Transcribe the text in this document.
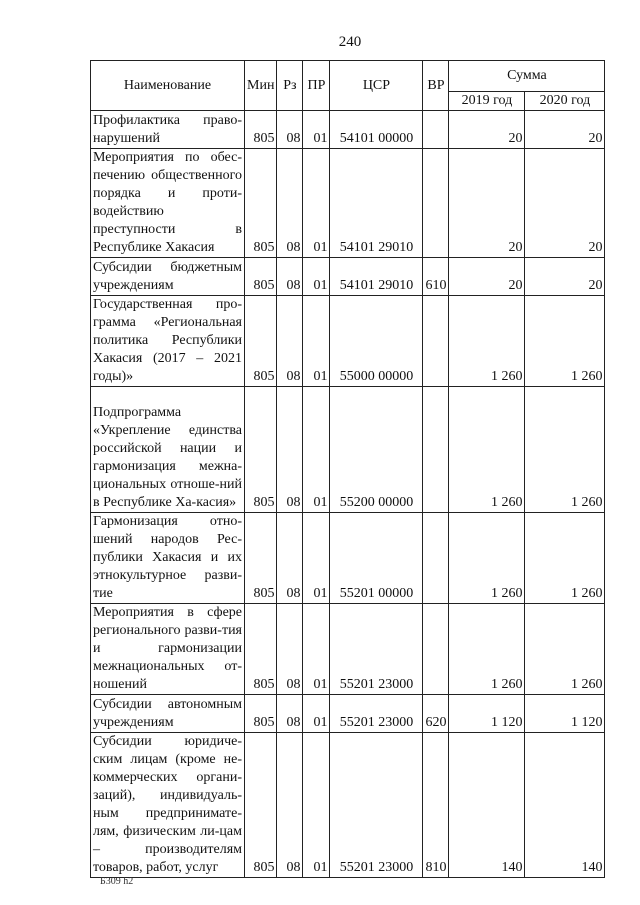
240
Наименование	Мин	Рз	ПР	ЦСР	ВР	Сумма	
						2019 год	2020 год
Профилактика право-нарушений	805	08	01	54101 00000		20	20
Мероприятия по обес-печению общественного порядка и проти-водействию преступности в Республике Хакасия	805	08	01	54101 29010		20	20
Субсидии бюджетным учреждениям	805	08	01	54101 29010	610	20	20
Государственная про-грамма «Региональная политика Республики Хакасия (2017 – 2021 годы)»	805	08	01	55000 00000		1 260	1 260
Подпрограмма «Укрепление единства российской нации и гармонизация межна-циональных отноше-ний в Республике Ха-касия»	805	08	01	55200 00000		1 260	1 260
Гармонизация отно-шений народов Рес-публики Хакасия и их этнокультурное разви-тие	805	08	01	55201 00000		1 260	1 260
Мероприятия в сфере регионального разви-тия и гармонизации межнациональных от-ношений	805	08	01	55201 23000		1 260	1 260
Субсидии автономным учреждениям	805	08	01	55201 23000	620	1 120	1 120
Субсидии юридиче-ским лицам (кроме не-коммерческих органи-заций), индивидуаль-ным предпринимате-лям, физическим ли-цам – производителям товаров, работ, услуг	805	08	01	55201 23000	810	140	140
Б309 h2
